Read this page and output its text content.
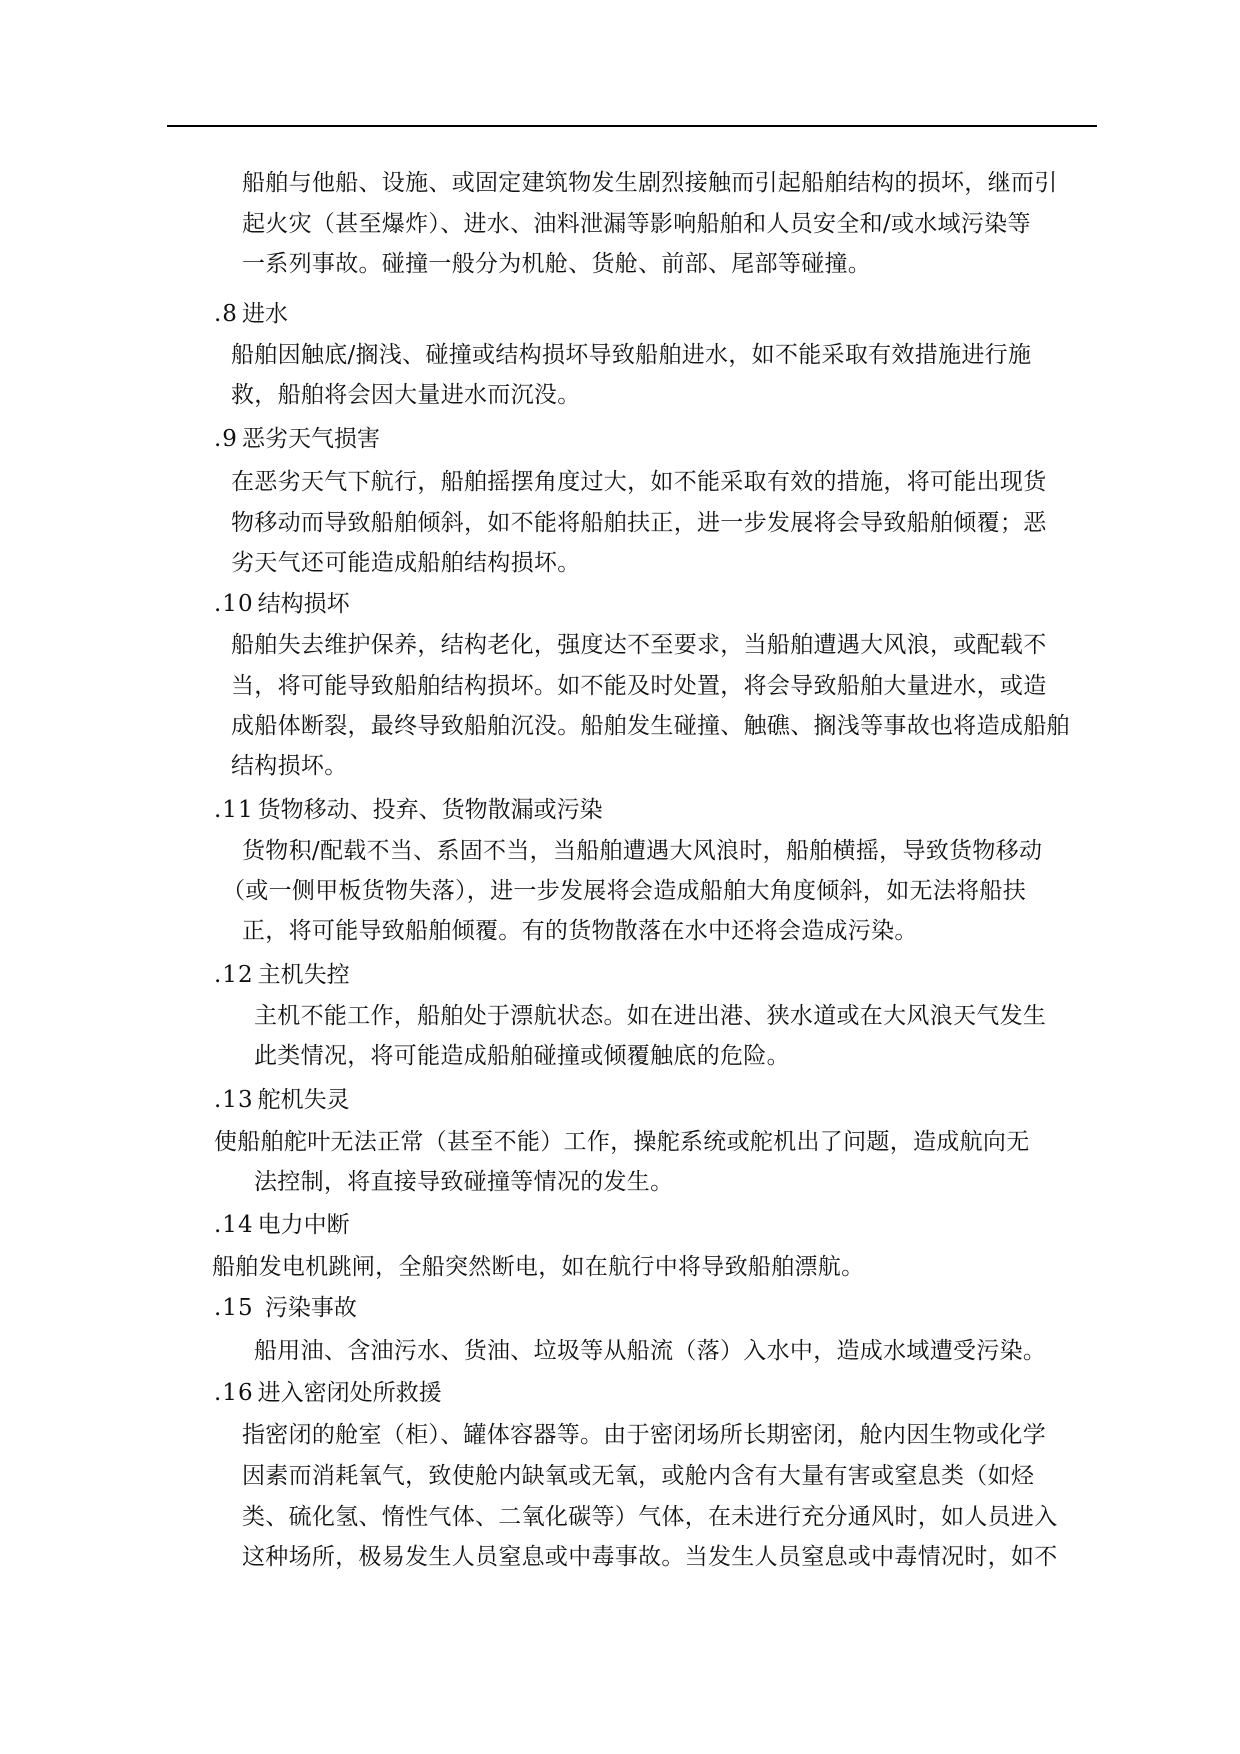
船舶与他船、设施、或固定建筑物发生剧烈接触而引起船舶结构的损坏，继而引
起火灾（甚至爆炸）、进水、油料泄漏等影响船舶和人员安全和/或水域污染等
一系列事故。碰撞一般分为机舱、货舱、前部、尾部等碰撞。
.8 进水
船舶因触底/搁浅、碰撞或结构损坏导致船舶进水，如不能采取有效措施进行施
救，船舶将会因大量进水而沉没。
.9 恶劣天气损害
在恶劣天气下航行，船舶摇摆角度过大，如不能采取有效的措施，将可能出现货
物移动而导致船舶倾斜，如不能将船舶扶正，进一步发展将会导致船舶倾覆；恶
劣天气还可能造成船舶结构损坏。
.10 结构损坏
船舶失去维护保养，结构老化，强度达不至要求，当船舶遭遇大风浪，或配载不
当，将可能导致船舶结构损坏。如不能及时处置，将会导致船舶大量进水，或造
成船体断裂，最终导致船舶沉没。船舶发生碰撞、触礁、搁浅等事故也将造成船舶
结构损坏。
.11 货物移动、投弃、货物散漏或污染
货物积/配载不当、系固不当，当船舶遭遇大风浪时，船舶横摇，导致货物移动
（或一侧甲板货物失落），进一步发展将会造成船舶大角度倾斜，如无法将船扶
正，将可能导致船舶倾覆。有的货物散落在水中还将会造成污染。
.12 主机失控
主机不能工作，船舶处于漂航状态。如在进出港、狭水道或在大风浪天气发生
此类情况，将可能造成船舶碰撞或倾覆触底的危险。
.13 舵机失灵
使船舶舵叶无法正常（甚至不能）工作，操舵系统或舵机出了问题，造成航向无
法控制，将直接导致碰撞等情况的发生。
.14 电力中断
船舶发电机跳闸，全船突然断电，如在航行中将导致船舶漂航。
.15 污染事故
船用油、含油污水、货油、垃圾等从船流（落）入水中，造成水域遭受污染。
.16 进入密闭处所救援
指密闭的舱室（柜）、罐体容器等。由于密闭场所长期密闭，舱内因生物或化学
因素而消耗氧气，致使舱内缺氧或无氧，或舱内含有大量有害或窒息类（如烃
类、硫化氢、惰性气体、二氧化碳等）气体，在未进行充分通风时，如人员进入
这种场所，极易发生人员窒息或中毒事故。当发生人员窒息或中毒情况时，如不
